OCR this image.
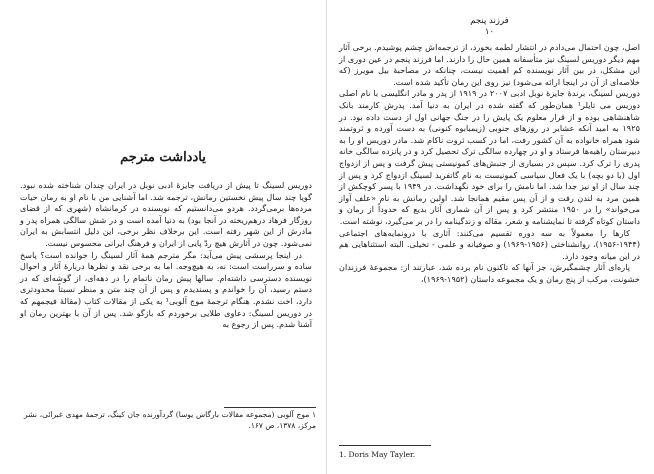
یادداشت مترجم

دوریس لسینگ تا پیش از دریافت جایزهٔ ادبی نوبل در ایران چندان شناخته شده نبود. گویا چند سال پیش نخستین رمانش، ترجمه شد. اما آشنایی من با نام او به رمان حیات مرده‌ها برمی‌گردد. هردو می‌دانستیم که نویسنده در کرمانشاه (شهری که از قضای روزگار فرهاد درهم‌ریخته در آنجا بود) به دنیا آمده است و در شش سالگی همراه پدر و مادرش از این شهر رفته است. این برخلاف نظر برخی، این دلیل انتسابش به ایران نمی‌شود. چون در آثارش هیچ ردّ پایی از ایران و فرهنگ ایرانی محسوس نیست.

در اینجا پرسشی پیش می‌آید: مگر مترجم همهٔ آثار لسینگ را خوانده است؟ پاسخ ساده و سرراست است: نه، به هیچ‌وجه. اما به برخی نقد و نظرها دربارهٔ آثار و احوال نویسنده دسترسی داشته‌ام. سالها پیش رمان ناتمام را در دهه‌ای، از گوشه‌ای که در دستم رسید، آن را خواندم و پسندیدم و پس از آن چند متن و منظر نسبتاً محدودتری دارد، اخت نشدم. هنگام ترجمهٔ موج آلوبی¹ به یکی از مقالات کتاب (مقالهٔ فیجمهم که در دوریس لسینگ: دعاوی طلایی برخوردم که بازگو شد. پس از آن با بهترین رمان او آشنا شدم. پس از رجوع به

۱ موج آلوبی (مجموعه مقالات بارگاس یوسا) گردآورنده جان کینگ، ترجمهٔ مهدی غبرائی، نشر مرکز، ۱۳۷۸، ص ۱۶۷.
فرزند پنجم
۱۰

اصل، چون احتمال می‌دادم در انتشار لطمه بخورد، از ترجمه‌اش چشم پوشیدم. برخی آثار مهم دیگر دوریس لسینگ نیز متأسفانه همین حال را دارند. اما فرزند پنجم در عین دوری از این مشکل، در بین آثار نویسنده کم اهمیت نیست، چنانکه در مصاحبهٔ بیل مویرز (که خلاصه‌ای از آن در اینجا ارائه می‌شود) نیز روی این رمان تأکید شده است.

دوریس لسینگ، برندهٔ جایزهٔ نوبل ادبی ۲۰۰۷ در ۱۹۱۹ از پدر و مادر انگلیسی با نام اصلی دوریس می تایلر¹ همان‌طور که گفته شده در ایران به دنیا آمد. پدرش کارمند بانک شاهنشاهی بوده و از قرار معلوم یک پایش را در جنگ جهانی اول از دست داده بود. در ۱۹۲۵ به امید آنکه عشایر در روزهای جنوبی (زیمبابوه کنونی) به دست آورده و ثروتمند شود همراه خانواده به آن کشور رفت، اما در کسب ثروت ناکام شد. مادر دوریس او را به دبیرستان راهبه‌ها فرستاد و او در چهارده سالگی ترک تحصیل کرد و در پانزده سالگی خانه پدری را ترک کرد. سپس در بسیاری از جنبش‌های کمونیستی پیش گرفت و پس از ازدواج اول (با دو بچه) با یک فعال سیاسی کمونیست به نام گاتفرید لسینگ ازدواج کرد و پس از چند سال از او نیز جدا شد. اما نامش را برای خود نگهداشت. در ۱۹۴۹ با پسر کوچکش از همین مرد به لندن رفت و از آن پس مقیم همانجا شد. اولین رمانش به نام «علف آواز می‌خواند» را در ۱۹۵۰ منتشر کرد و پس از آن شماری آثار بدیع که حدوداً از رمان و داستان کوتاه گرفته تا نمایشنامه و شعر، مقاله و زندگینامه را در بر می‌گیرد، نوشته است.

کارها را معمولاً به سه دوره تقسیم می‌کنند: آثاری با درونمایه‌های اجتماعی (۱۹۴۴-۱۹۵۶)، روانشناختی (۱۹۵۶-۱۹۶۹) و صوفیانه و علمی - تخیلی. البته استثناهایی هم در این میانه وجود دارد.

پاره‌ای آثار چشمگیرش، جز آنها که تاکنون نام برده شد، عبارتند از: مجموعهٔ فرزندان خشونت، مرکب از پنج رمان و یک مجموعه داستان (۱۹۵۲-۱۹۶۹)،

1. Doris May Tayler.
